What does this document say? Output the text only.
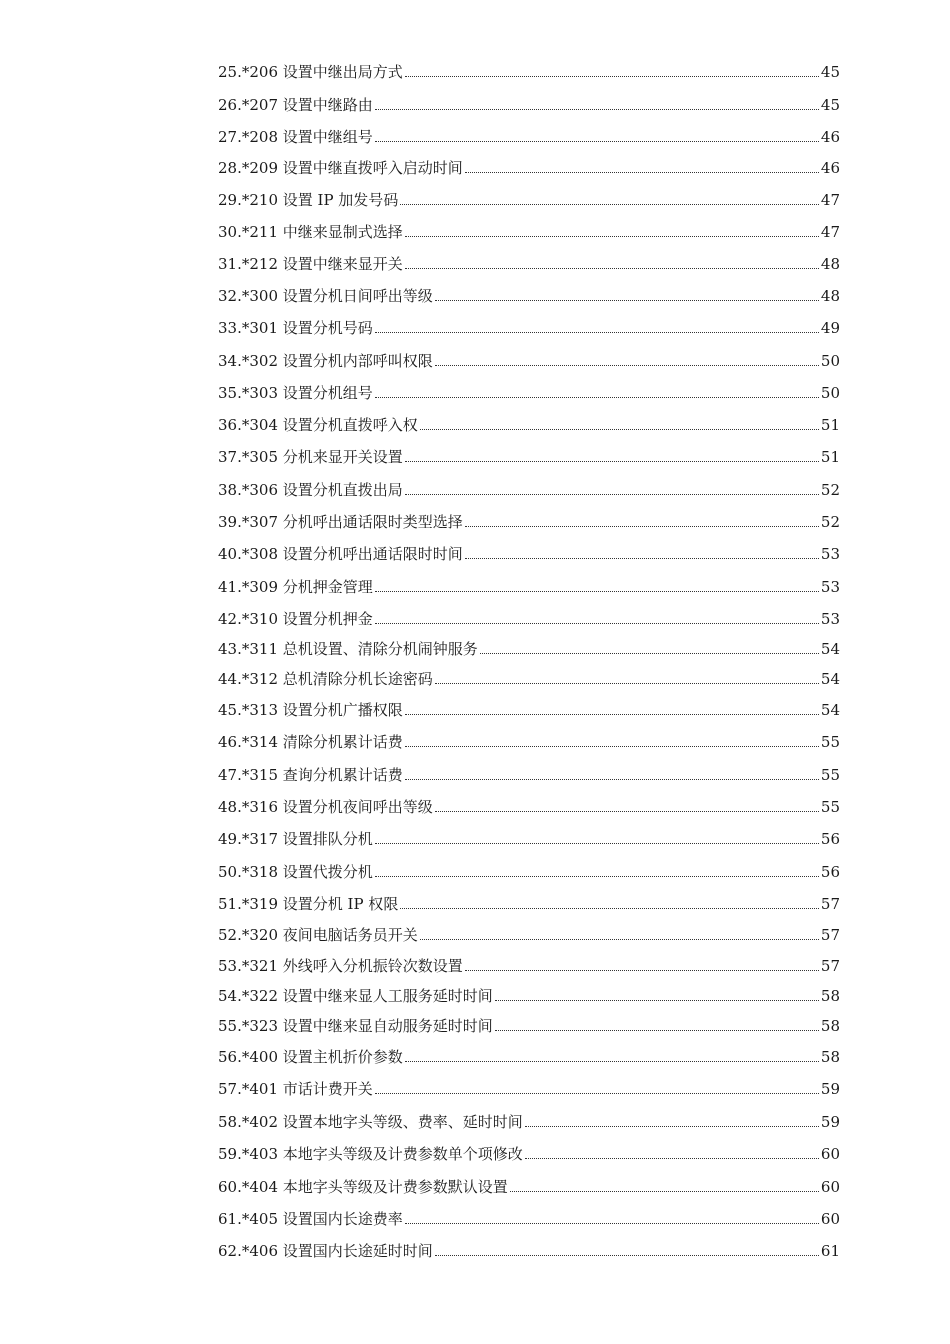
25. *206 设置中继出局方式	45
26. *207 设置中继路由	45
27. *208 设置中继组号	46
28. *209 设置中继直拨呼入启动时间	46
29. *210 设置 IP 加发号码	47
30. *211 中继来显制式选择	47
31. *212 设置中继来显开关	48
32. *300 设置分机日间呼出等级	48
33. *301 设置分机号码	49
34. *302 设置分机内部呼叫权限	50
35. *303 设置分机组号	50
36. *304 设置分机直拨呼入权	51
37. *305 分机来显开关设置	51
38. *306 设置分机直拨出局	52
39. *307 分机呼出通话限时类型选择	52
40. *308 设置分机呼出通话限时时间	53
41. *309 分机押金管理	53
42. *310 设置分机押金	53
43. *311 总机设置、清除分机闹钟服务	54
44. *312 总机清除分机长途密码	54
45. *313 设置分机广播权限	54
46. *314 清除分机累计话费	55
47. *315 查询分机累计话费	55
48. *316 设置分机夜间呼出等级	55
49. *317 设置排队分机	56
50. *318 设置代拨分机	56
51. *319 设置分机 IP 权限	57
52. *320 夜间电脑话务员开关	57
53. *321 外线呼入分机振铃次数设置	57
54. *322 设置中继来显人工服务延时时间	58
55. *323 设置中继来显自动服务延时时间	58
56. *400 设置主机折价参数	58
57. *401 市话计费开关	59
58. *402 设置本地字头等级、费率、延时时间	59
59. *403 本地字头等级及计费参数单个项修改	60
60. *404 本地字头等级及计费参数默认设置	60
61. *405 设置国内长途费率	60
62. *406 设置国内长途延时时间	61
